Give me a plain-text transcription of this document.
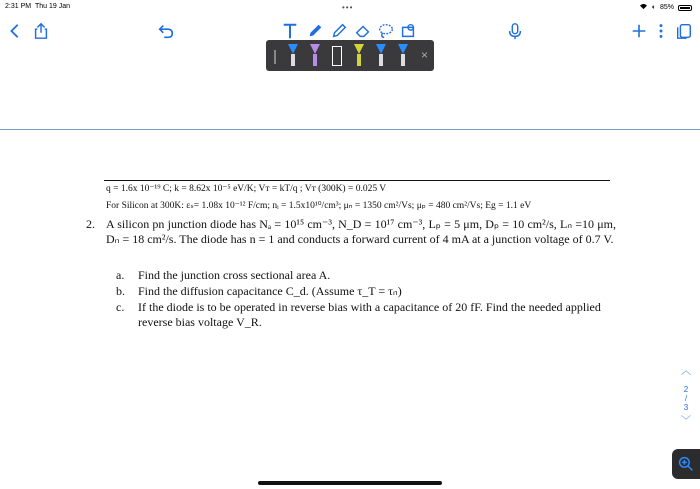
2:31 PM Thu 19 Jan	•••	◐ 85%
×
q = 1.6x 10⁻¹⁹ C; k = 8.62x 10⁻⁵ eV/K; Vᴛ = kT/q ; Vᴛ (300K) = 0.025 V
For Silicon at 300K: εₛ= 1.08x 10⁻¹² F/cm; nᵢ = 1.5x10¹⁰/cm³; μₙ = 1350 cm²/Vs; μₚ = 480 cm²/Vs; Eg = 1.1 eV
2. A silicon pn junction diode has Nₐ = 10¹⁵ cm⁻³, N_D = 10¹⁷ cm⁻³, Lₚ = 5 μm, Dₚ = 10 cm²/s, Lₙ =10 μm, Dₙ = 18 cm²/s. The diode has n = 1 and conducts a forward current of 4 mA at a junction voltage of 0.7 V.
a. Find the junction cross sectional area A.
b. Find the diffusion capacitance C_d. (Assume τ_T = τₙ)
c. If the diode is to be operated in reverse bias with a capacitance of 20 fF. Find the needed applied reverse bias voltage V_R.
︿
2
/
3
﹀
